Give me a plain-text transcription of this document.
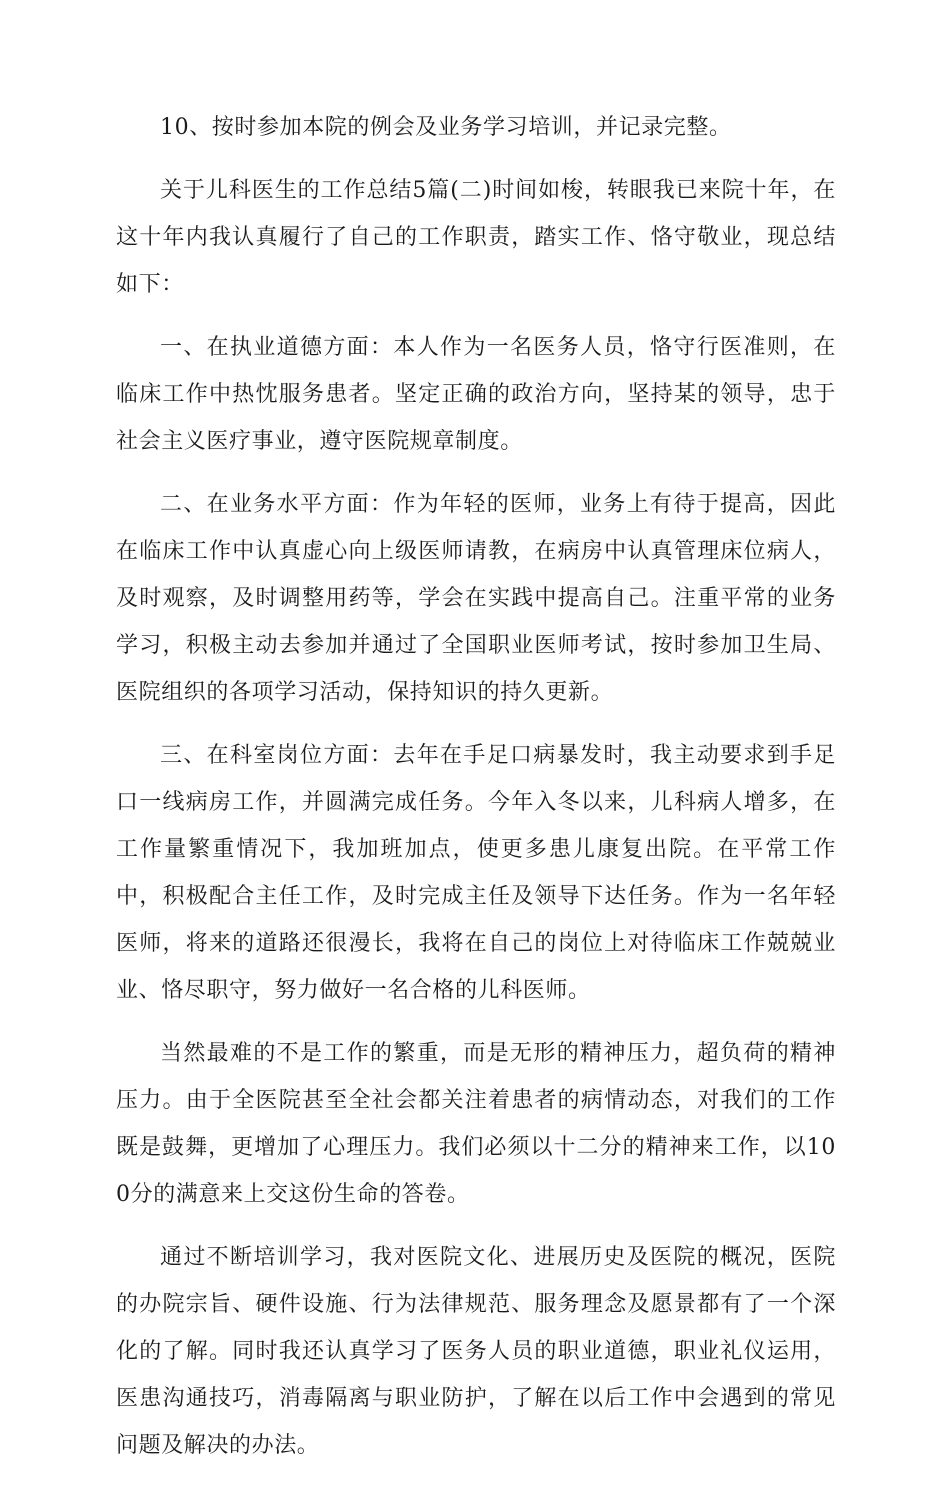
10、按时参加本院的例会及业务学习培训，并记录完整。

关于儿科医生的工作总结5篇(二)时间如梭，转眼我已来院十年，在这十年内我认真履行了自己的工作职责，踏实工作、恪守敬业，现总结如下：

一、在执业道德方面：本人作为一名医务人员，恪守行医准则，在临床工作中热忱服务患者。坚定正确的政治方向，坚持某的领导，忠于社会主义医疗事业，遵守医院规章制度。

二、在业务水平方面：作为年轻的医师，业务上有待于提高，因此在临床工作中认真虚心向上级医师请教，在病房中认真管理床位病人，及时观察，及时调整用药等，学会在实践中提高自己。注重平常的业务学习，积极主动去参加并通过了全国职业医师考试，按时参加卫生局、医院组织的各项学习活动，保持知识的持久更新。

三、在科室岗位方面：去年在手足口病暴发时，我主动要求到手足口一线病房工作，并圆满完成任务。今年入冬以来，儿科病人增多，在工作量繁重情况下，我加班加点，使更多患儿康复出院。在平常工作中，积极配合主任工作，及时完成主任及领导下达任务。作为一名年轻医师，将来的道路还很漫长，我将在自己的岗位上对待临床工作兢兢业业、恪尽职守，努力做好一名合格的儿科医师。

当然最难的不是工作的繁重，而是无形的精神压力，超负荷的精神压力。由于全医院甚至全社会都关注着患者的病情动态，对我们的工作既是鼓舞，更增加了心理压力。我们必须以十二分的精神来工作，以100分的满意来上交这份生命的答卷。

通过不断培训学习，我对医院文化、进展历史及医院的概况，医院的办院宗旨、硬件设施、行为法律规范、服务理念及愿景都有了一个深化的了解。同时我还认真学习了医务人员的职业道德，职业礼仪运用，医患沟通技巧，消毒隔离与职业防护，了解在以后工作中会遇到的常见问题及解决的办法。
